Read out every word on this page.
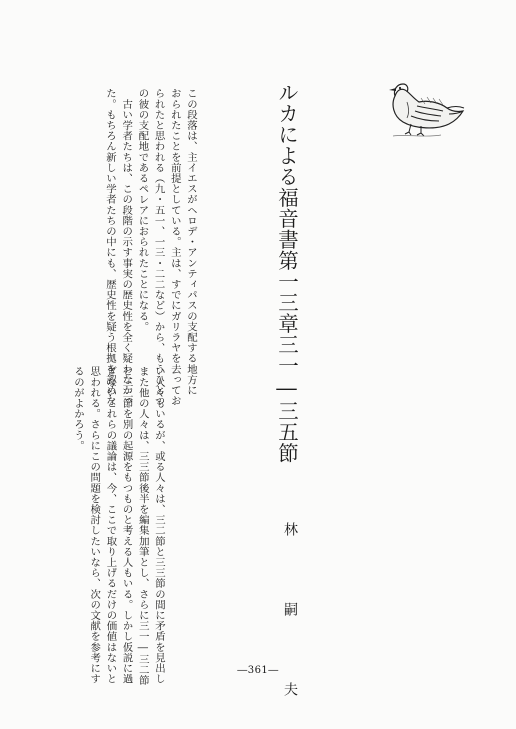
ルカによる福音書第一三章三一―三五節
林　嗣　夫
この段落は、主イエスがヘロデ・アンティパスの支配する地方に
おられたことを前提としている。主は、すでにガリラヤを去ってお
られたと思われる（九・五一、一三・二二など）から、もうひとつ
の彼の支配地であるペレアにおられたことになる。
　古い学者たちは、この段階の示す事実の歴史性を全く疑わなかっ
た。もちろん新しい学者たちの中にも、歴史性を疑う根拠を認めな
い人々もいるが、或る人々は、三二節と三三節の間に矛盾を見出し
また他の人々は、三三節後半を編集加筆とし、さらに三一―三二節
と三三節を別の起源をもつものと考える人もいる。しかし仮説に過
ぎないこれらの議論は、今、ここで取り上げるだけの価値はないと
思われる。さらにこの問題を検討したいなら、次の文献を参考にす
るのがよかろう。
―361―
